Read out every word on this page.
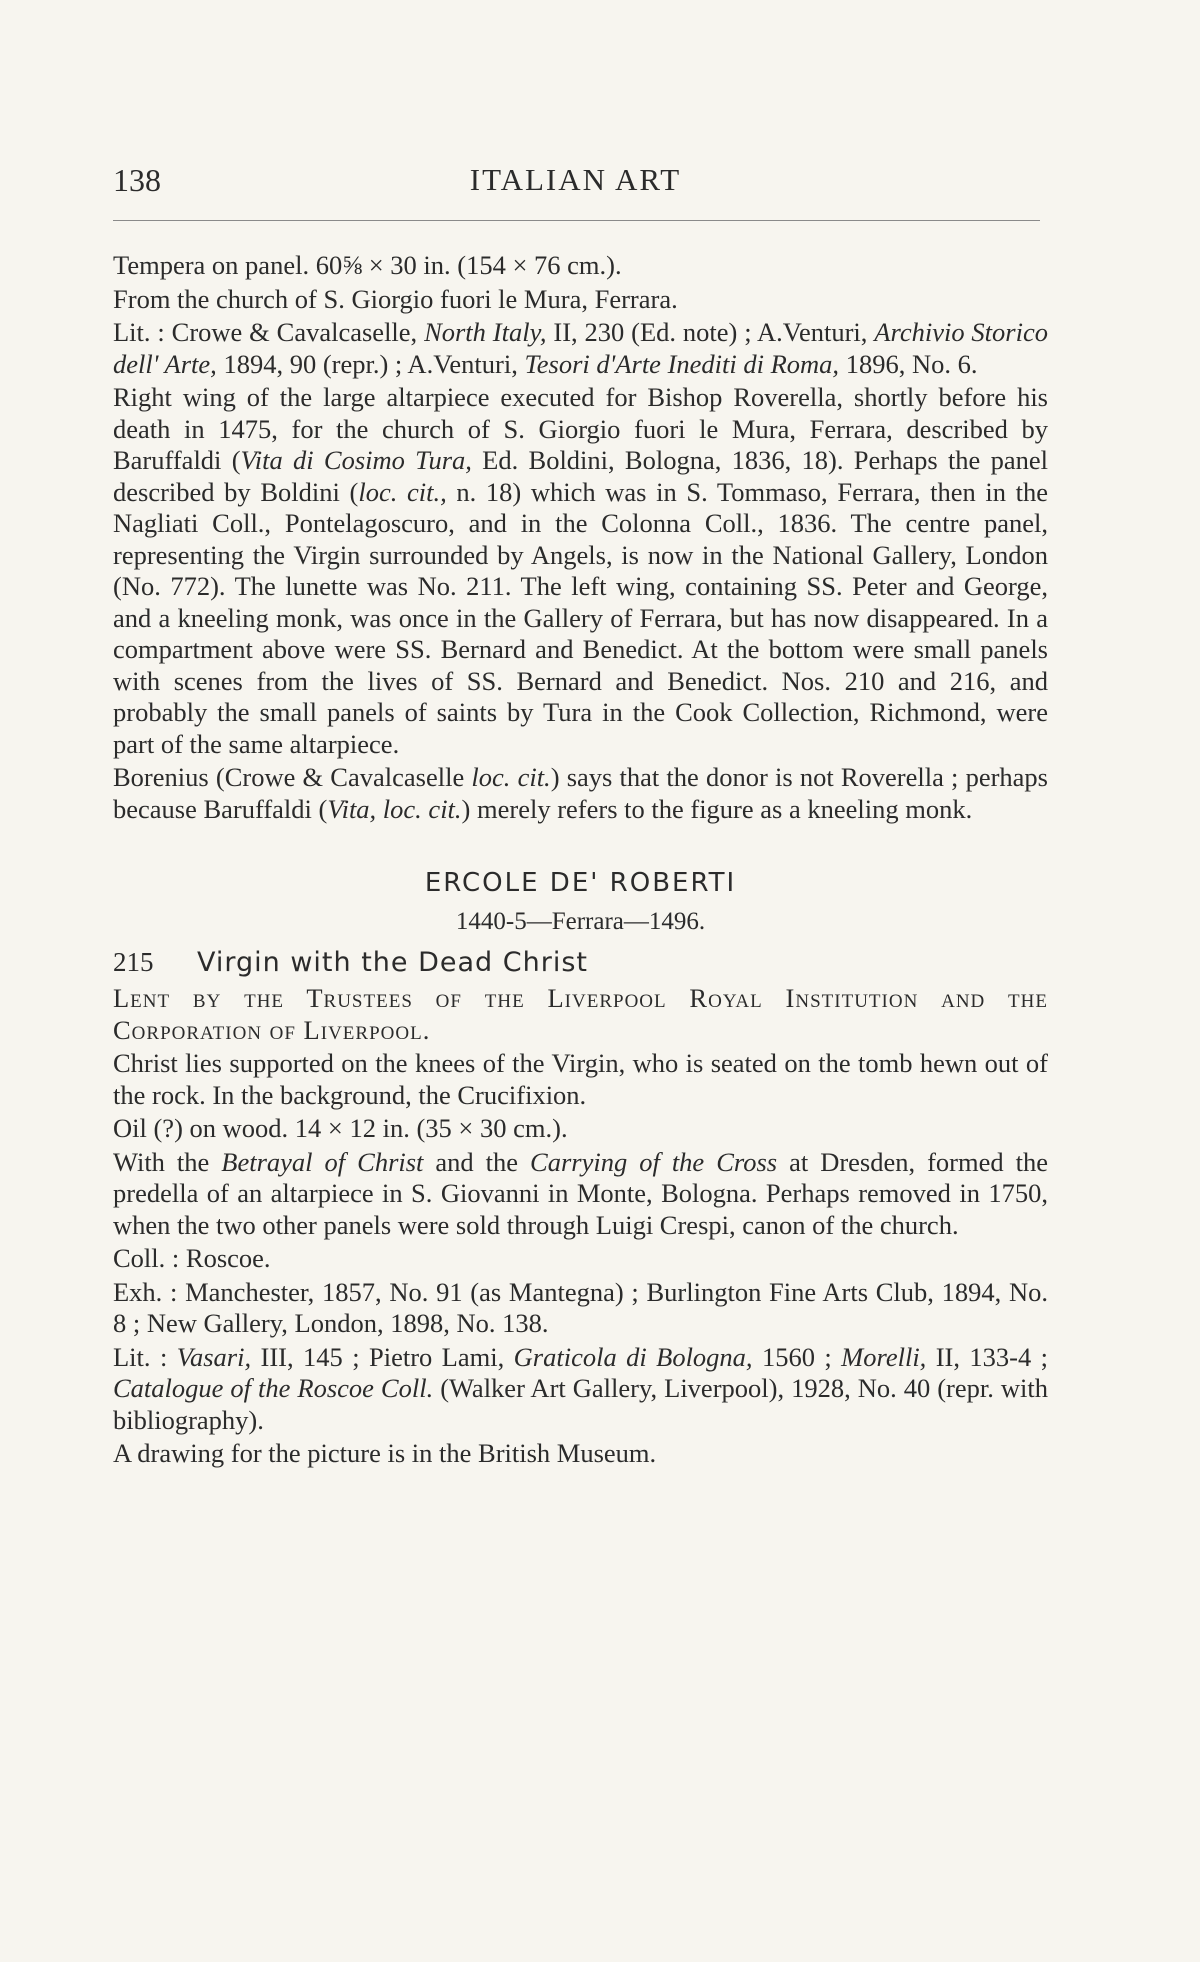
ITALIAN ART
138

Tempera on panel. 60⅝ × 30 in. (154 × 76 cm.).

From the church of S. Giorgio fuori le Mura, Ferrara.

Lit. : Crowe & Cavalcaselle, North Italy, II, 230 (Ed. note) ; A.Venturi, Archivio Storico dell' Arte, 1894, 90 (repr.) ; A.Venturi, Tesori d'Arte Inediti di Roma, 1896, No. 6.

Right wing of the large altarpiece executed for Bishop Roverella, shortly before his death in 1475, for the church of S. Giorgio fuori le Mura, Ferrara, described by Baruffaldi (Vita di Cosimo Tura, Ed. Boldini, Bologna, 1836, 18). Perhaps the panel described by Boldini (loc. cit., n. 18) which was in S. Tommaso, Ferrara, then in the Nagliati Coll., Pontelagoscuro, and in the Colonna Coll., 1836. The centre panel, representing the Virgin surrounded by Angels, is now in the National Gallery, London (No. 772). The lunette was No. 211. The left wing, containing SS. Peter and George, and a kneeling monk, was once in the Gallery of Ferrara, but has now disappeared. In a compartment above were SS. Bernard and Benedict. At the bottom were small panels with scenes from the lives of SS. Bernard and Benedict. Nos. 210 and 216, and probably the small panels of saints by Tura in the Cook Collection, Richmond, were part of the same altarpiece.

Borenius (Crowe & Cavalcaselle loc. cit.) says that the donor is not Roverella ; perhaps because Baruffaldi (Vita, loc. cit.) merely refers to the figure as a kneeling monk.

ERCOLE DE' ROBERTI
1440-5—Ferrara—1496.
215 Virgin with the Dead Christ

Lent by the Trustees of the Liverpool Royal Institution and the Corporation of Liverpool.

Christ lies supported on the knees of the Virgin, who is seated on the tomb hewn out of the rock. In the background, the Crucifixion.

Oil (?) on wood. 14 × 12 in. (35 × 30 cm.).

With the Betrayal of Christ and the Carrying of the Cross at Dresden, formed the predella of an altarpiece in S. Giovanni in Monte, Bologna. Perhaps removed in 1750, when the two other panels were sold through Luigi Crespi, canon of the church.

Coll. : Roscoe.

Exh. : Manchester, 1857, No. 91 (as Mantegna) ; Burlington Fine Arts Club, 1894, No. 8 ; New Gallery, London, 1898, No. 138.

Lit. : Vasari, III, 145 ; Pietro Lami, Graticola di Bologna, 1560 ; Morelli, II, 133-4 ; Catalogue of the Roscoe Coll. (Walker Art Gallery, Liverpool), 1928, No. 40 (repr. with bibliography).

A drawing for the picture is in the British Museum.
